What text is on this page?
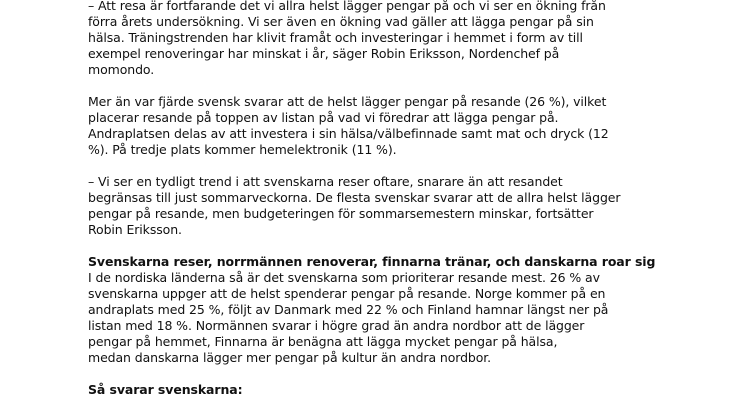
– Att resa är fortfarande det vi allra helst lägger pengar på och vi ser en ökning från
förra årets undersökning. Vi ser även en ökning vad gäller att lägga pengar på sin
hälsa. Träningstrenden har klivit framåt och investeringar i hemmet i form av till
exempel renoveringar har minskat i år, säger Robin Eriksson, Nordenchef på
momondo.

Mer än var fjärde svensk svarar att de helst lägger pengar på resande (26 %), vilket
placerar resande på toppen av listan på vad vi föredrar att lägga pengar på.
Andraplatsen delas av att investera i sin hälsa/välbefinnade samt mat och dryck (12
%). På tredje plats kommer hemelektronik (11 %).

– Vi ser en tydligt trend i att svenskarna reser oftare, snarare än att resandet
begränsas till just sommarveckorna. De flesta svenskar svarar att de allra helst lägger
pengar på resande, men budgeteringen för sommarsemestern minskar, fortsätter
Robin Eriksson.

Svenskarna reser, norrmännen renoverar, finnarna tränar, och danskarna roar sig
I de nordiska länderna så är det svenskarna som prioriterar resande mest. 26 % av
svenskarna uppger att de helst spenderar pengar på resande. Norge kommer på en
andraplats med 25 %, följt av Danmark med 22 % och Finland hamnar längst ner på
listan med 18 %. Normännen svarar i högre grad än andra nordbor att de lägger
pengar på hemmet, Finnarna är benägna att lägga mycket pengar på hälsa,
medan danskarna lägger mer pengar på kultur än andra nordbor.

Så svarar svenskarna:
